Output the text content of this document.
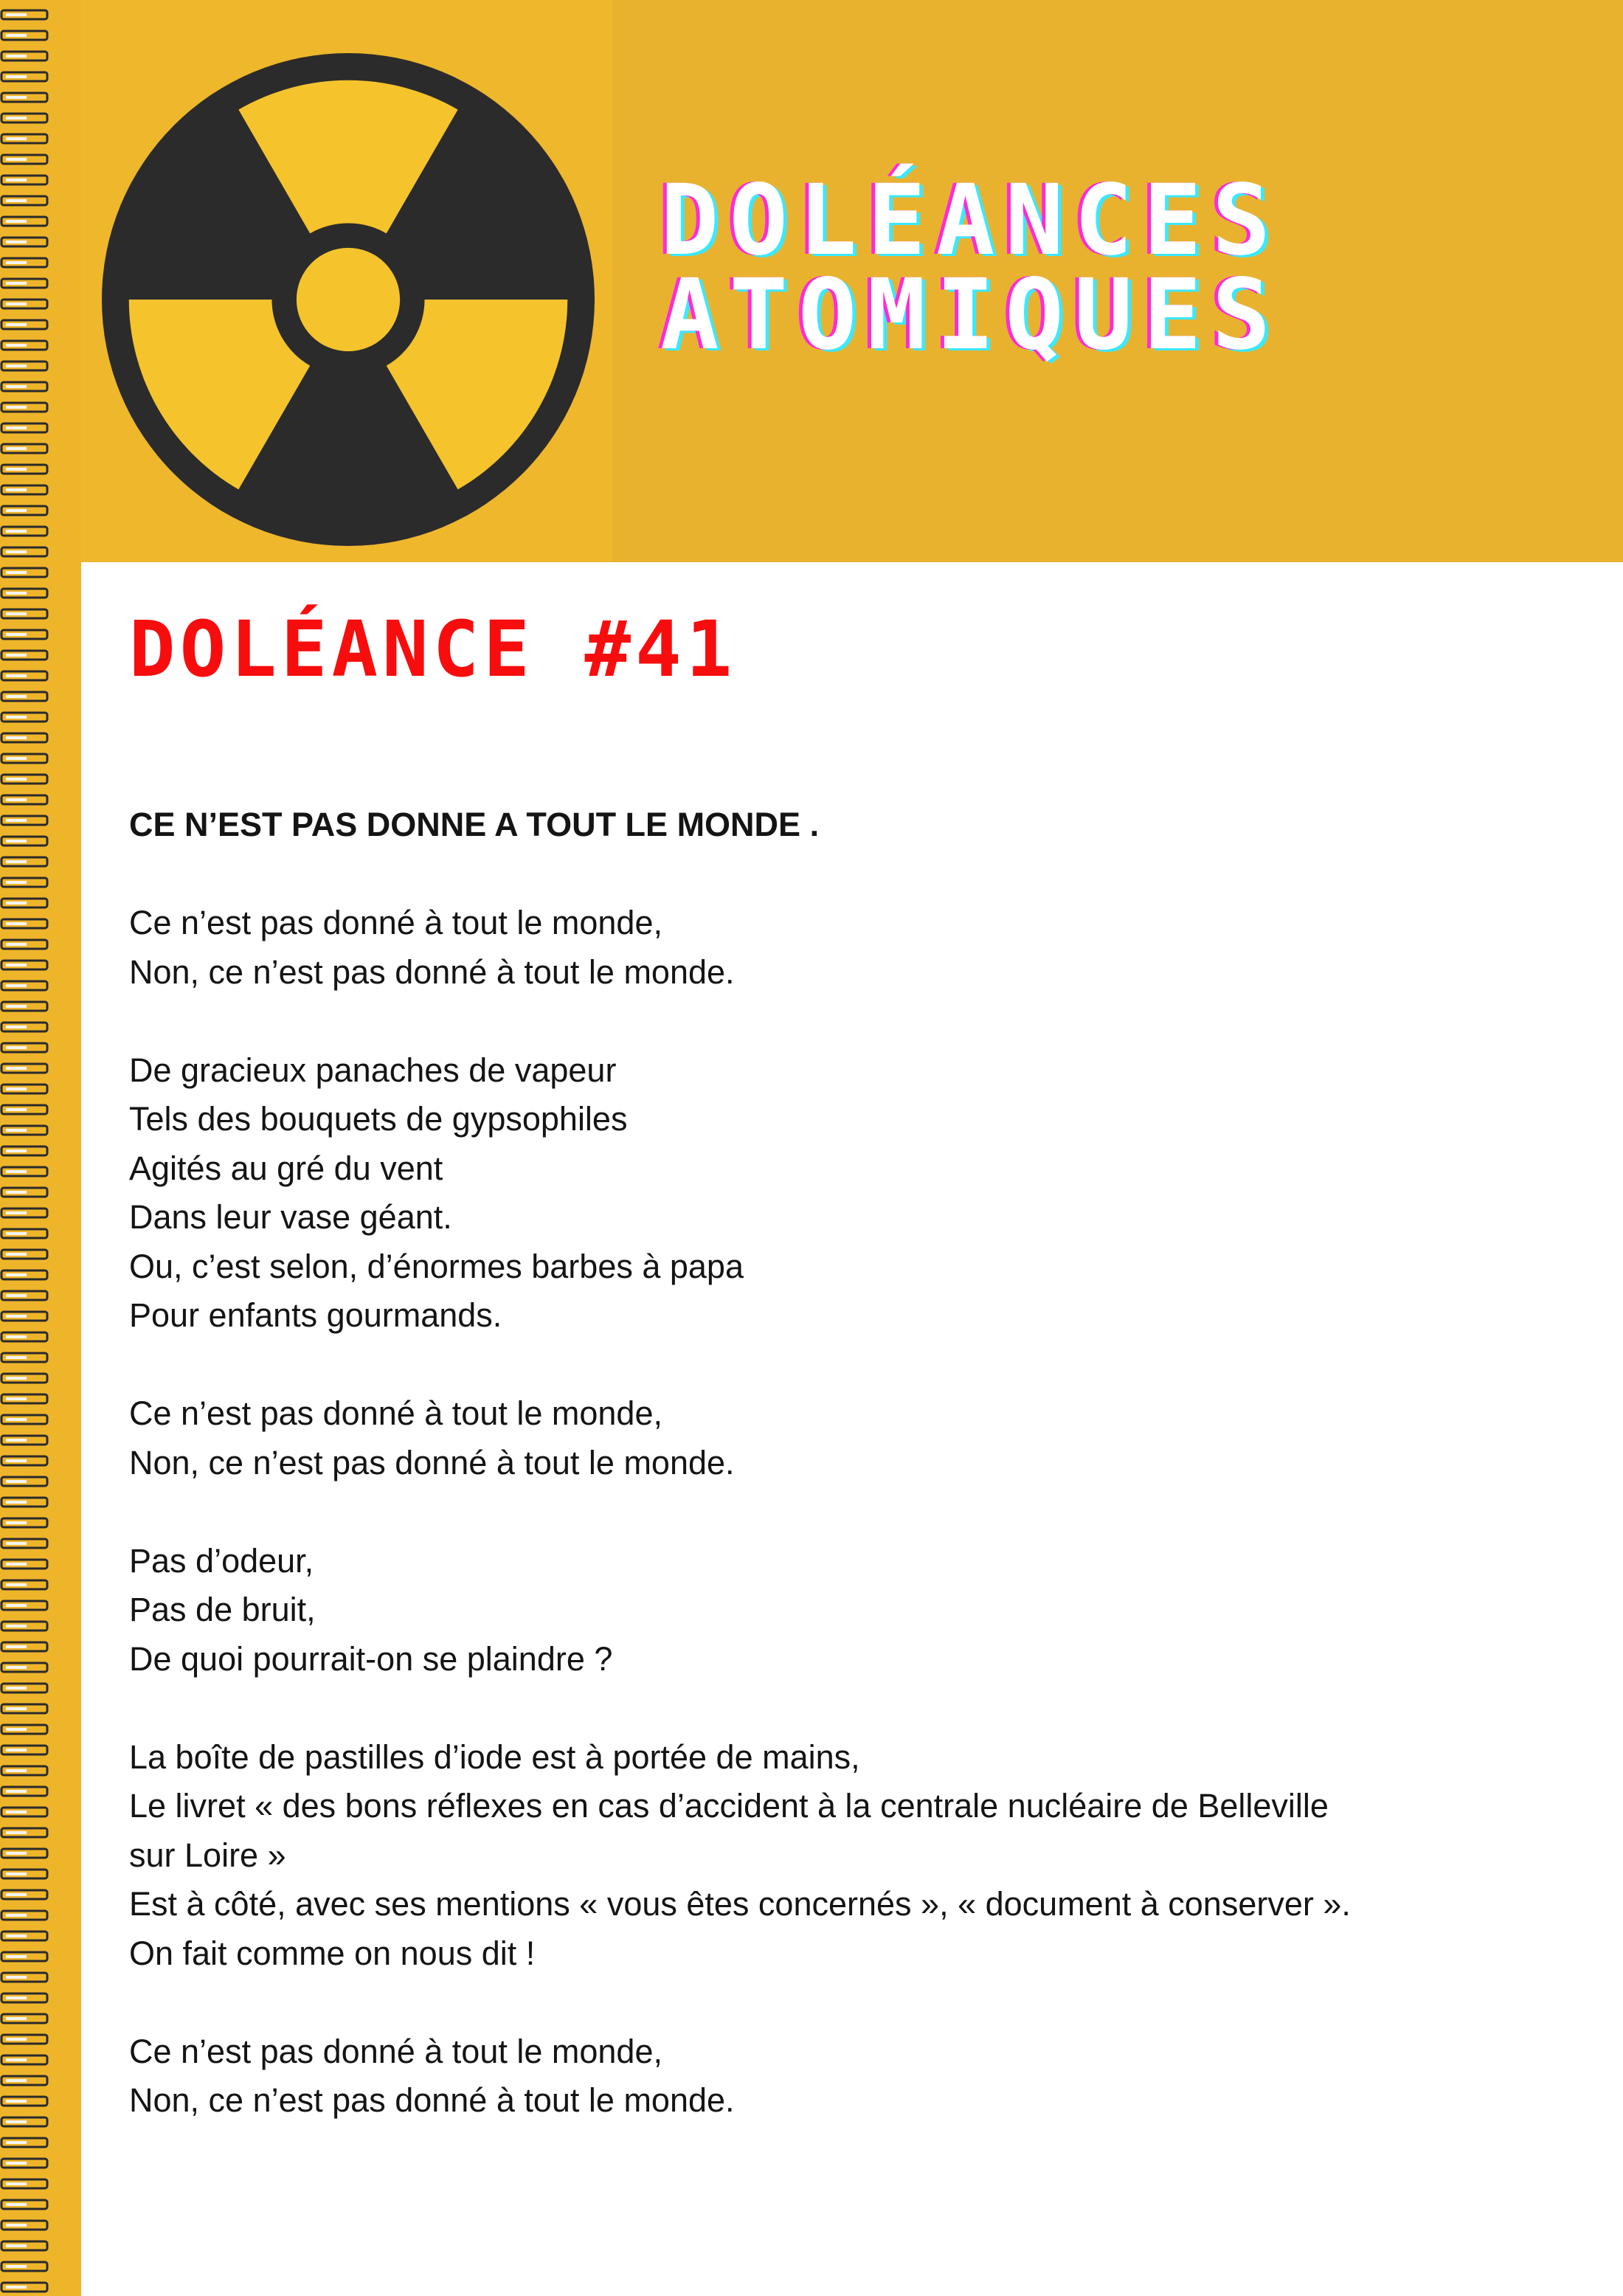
DOLÉANCES
ATOMIQUES
DOLÉANCE #41
CE N’EST PAS DONNE A TOUT LE MONDE .
Ce n’est pas donné à tout le monde,
Non, ce n’est pas donné à tout le monde.
De gracieux panaches de vapeur
Tels des bouquets de gypsophiles
Agités au gré du vent
Dans leur vase géant.
Ou, c’est selon, d’énormes barbes à papa
Pour enfants gourmands.
Ce n’est pas donné à tout le monde,
Non, ce n’est pas donné à tout le monde.
Pas d’odeur,
Pas de bruit,
De quoi pourrait-on se plaindre ?
La boîte de pastilles d’iode est à portée de mains,
Le livret « des bons réflexes en cas d’accident à la centrale nucléaire de Belleville
sur Loire »
Est à côté, avec ses mentions « vous êtes concernés », « document à conserver ».
On fait comme on nous dit !
Ce n’est pas donné à tout le monde,
Non, ce n’est pas donné à tout le monde.
